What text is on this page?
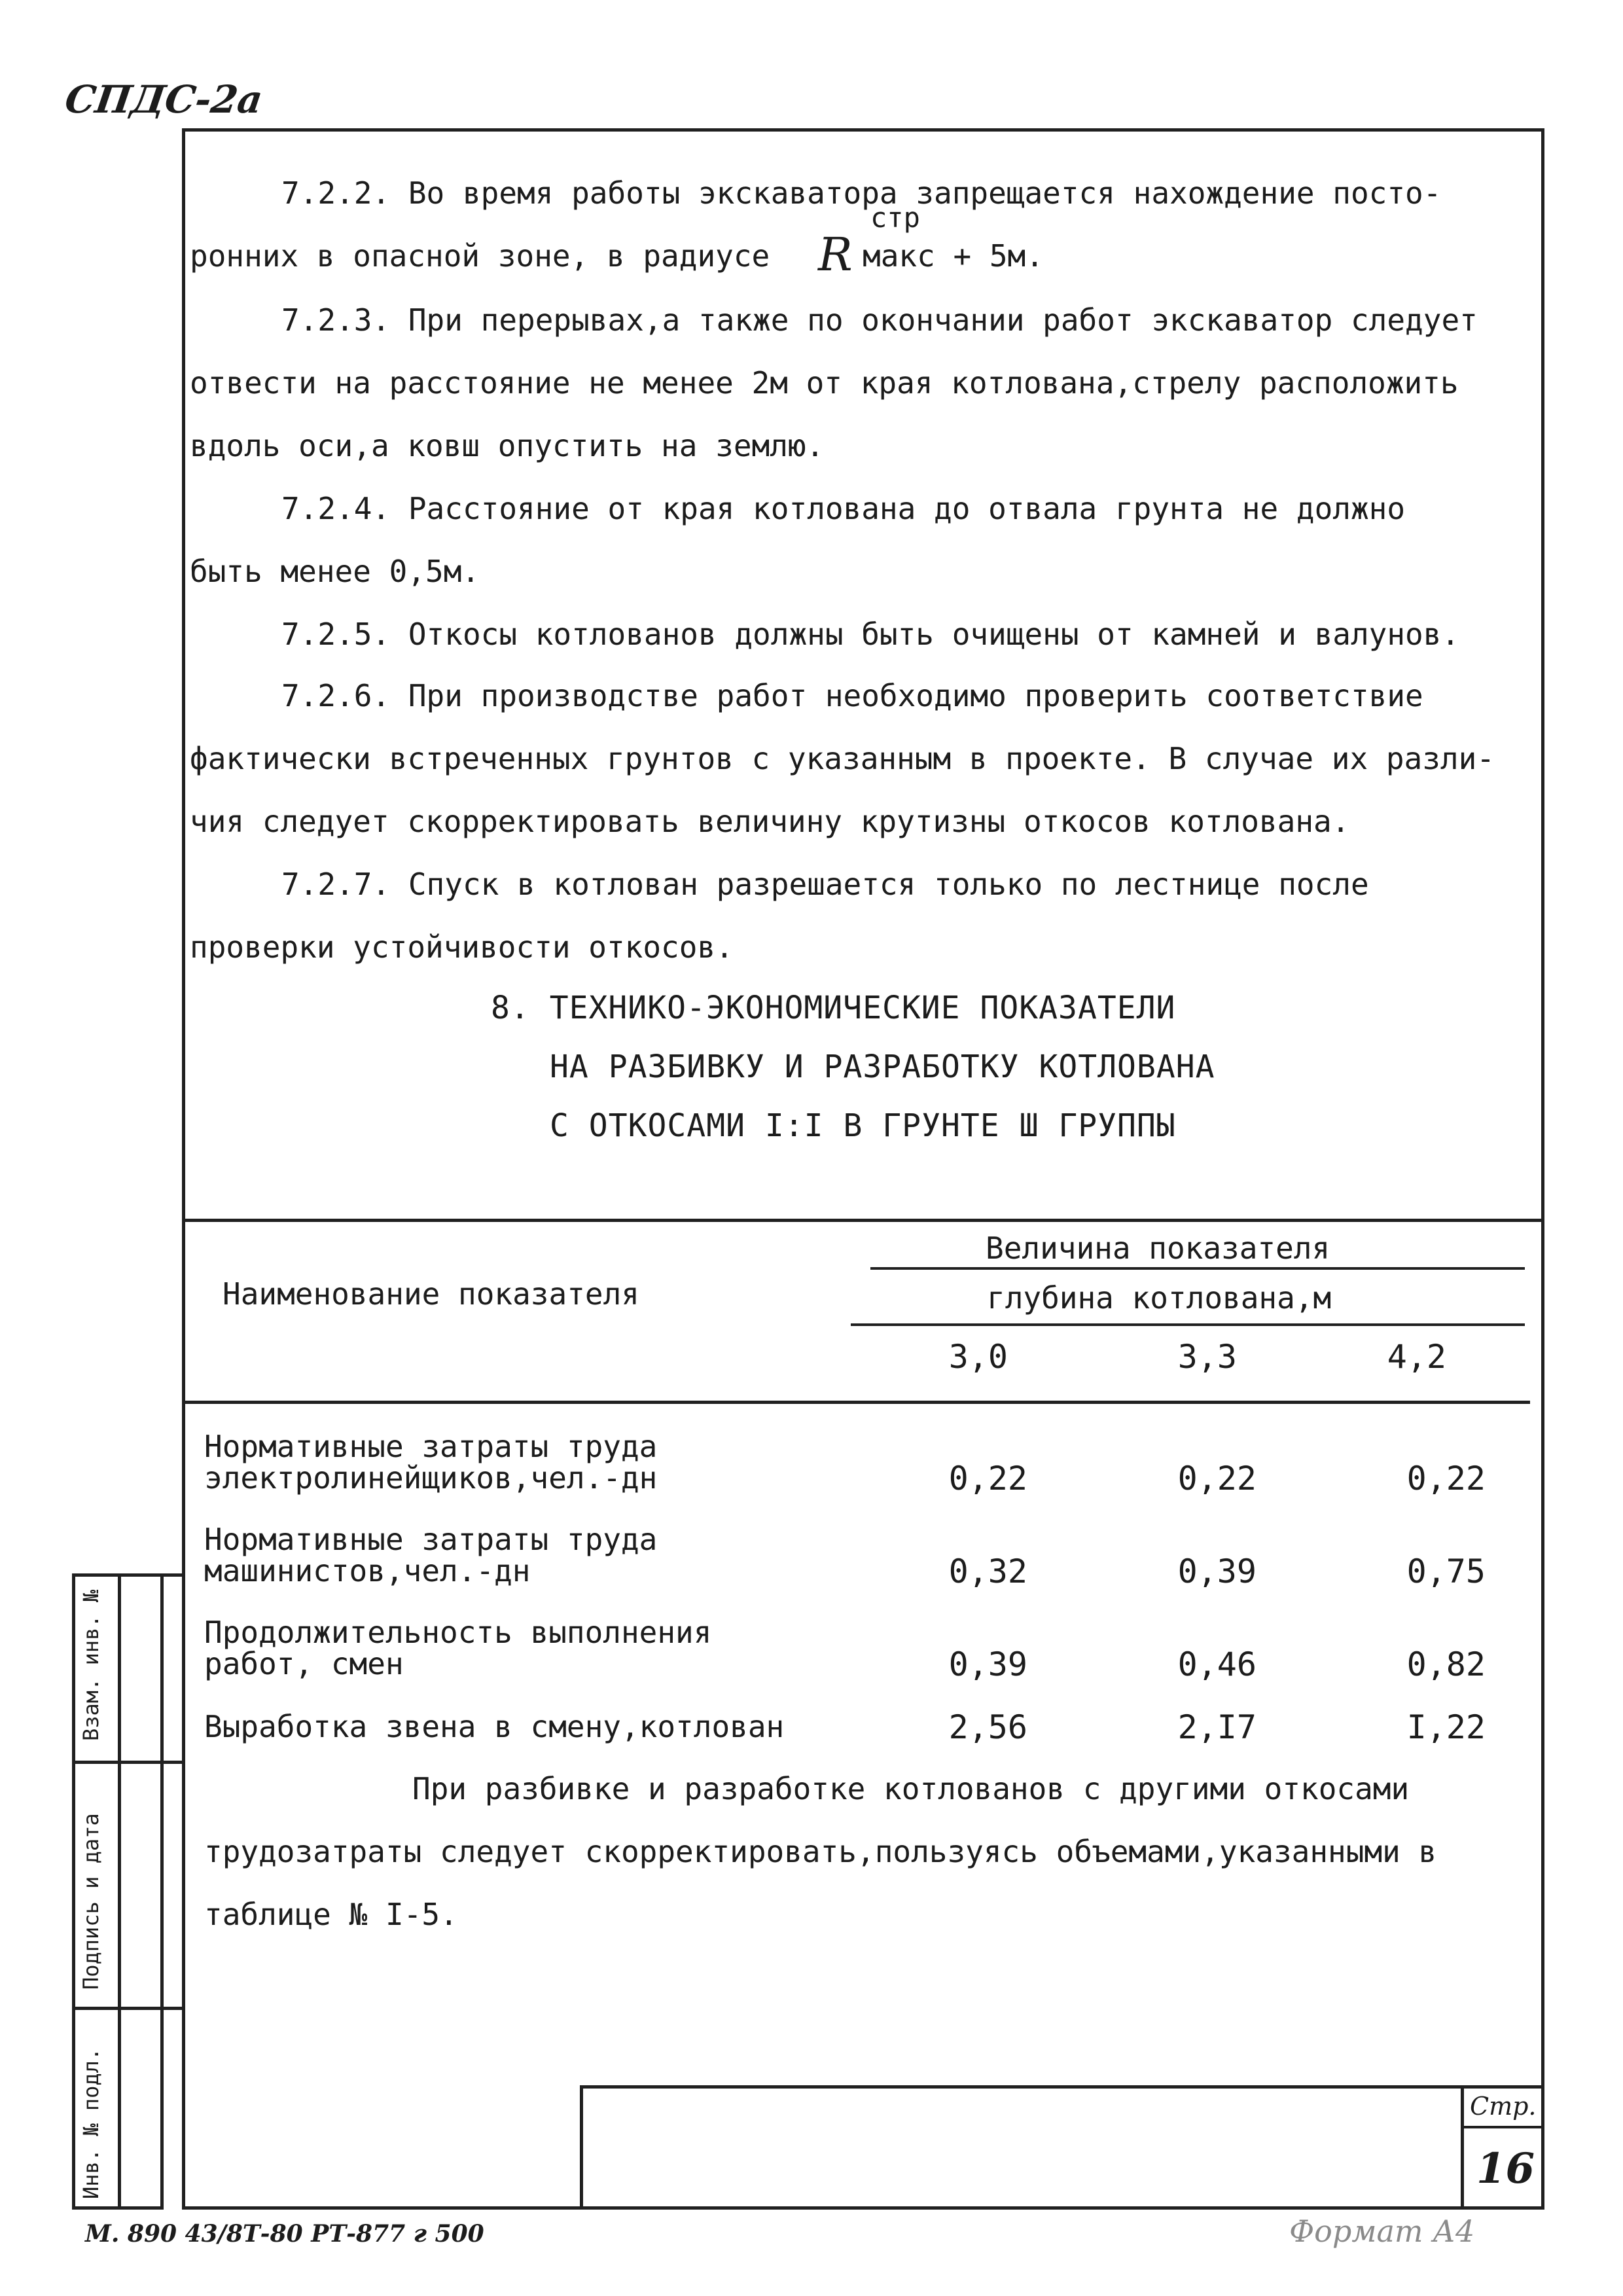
СПДС-2а
7.2.2. Во время работы экскаватора запрещается нахождение посто-
ронних в опасной зоне, в радиусе R
стр
макс + 5м.
7.2.3. При перерывах,а также по окончании работ экскаватор следует
отвести на расстояние не менее 2м от края котлована,стрелу расположить
вдоль оси,а ковш опустить на землю.
7.2.4. Расстояние от края котлована до отвала грунта не должно
быть менее 0,5м.
7.2.5. Откосы котлованов должны быть очищены от камней и валунов.
7.2.6. При производстве работ необходимо проверить соответствие
фактически встреченных грунтов с указанным в проекте. В случае их разли-
чия следует скорректировать величину крутизны откосов котлована.
7.2.7. Спуск в котлован разрешается только по лестнице после
проверки устойчивости откосов.
8. ТЕХНИКО-ЭКОНОМИЧЕСКИЕ ПОКАЗАТЕЛИ
НА РАЗБИВКУ И РАЗРАБОТКУ КОТЛОВАНА
С ОТКОСАМИ I:I В ГРУНТЕ Ш ГРУППЫ
Наименование показателя
Величина показателя
глубина котлована,м
3,0	3,3	4,2
Нормативные затраты труда
электролинейщиков,чел.-дн	0,22	0,22	0,22
Нормативные затраты труда
машинистов,чел.-дн	0,32	0,39	0,75
Продолжительность выполнения
работ, смен	0,39	0,46	0,82
Выработка звена в смену,котлован	2,56	2,I7	I,22
При разбивке и разработке котлованов с другими откосами
трудозатраты следует скорректировать,пользуясь объемами,указанными в
таблице № I-5.
Стр.
16
Взам. инв. №
Подпись и дата
Инв. № подл.
М. 890 43/8Т-80 РТ-877 г 500	Формат А4
